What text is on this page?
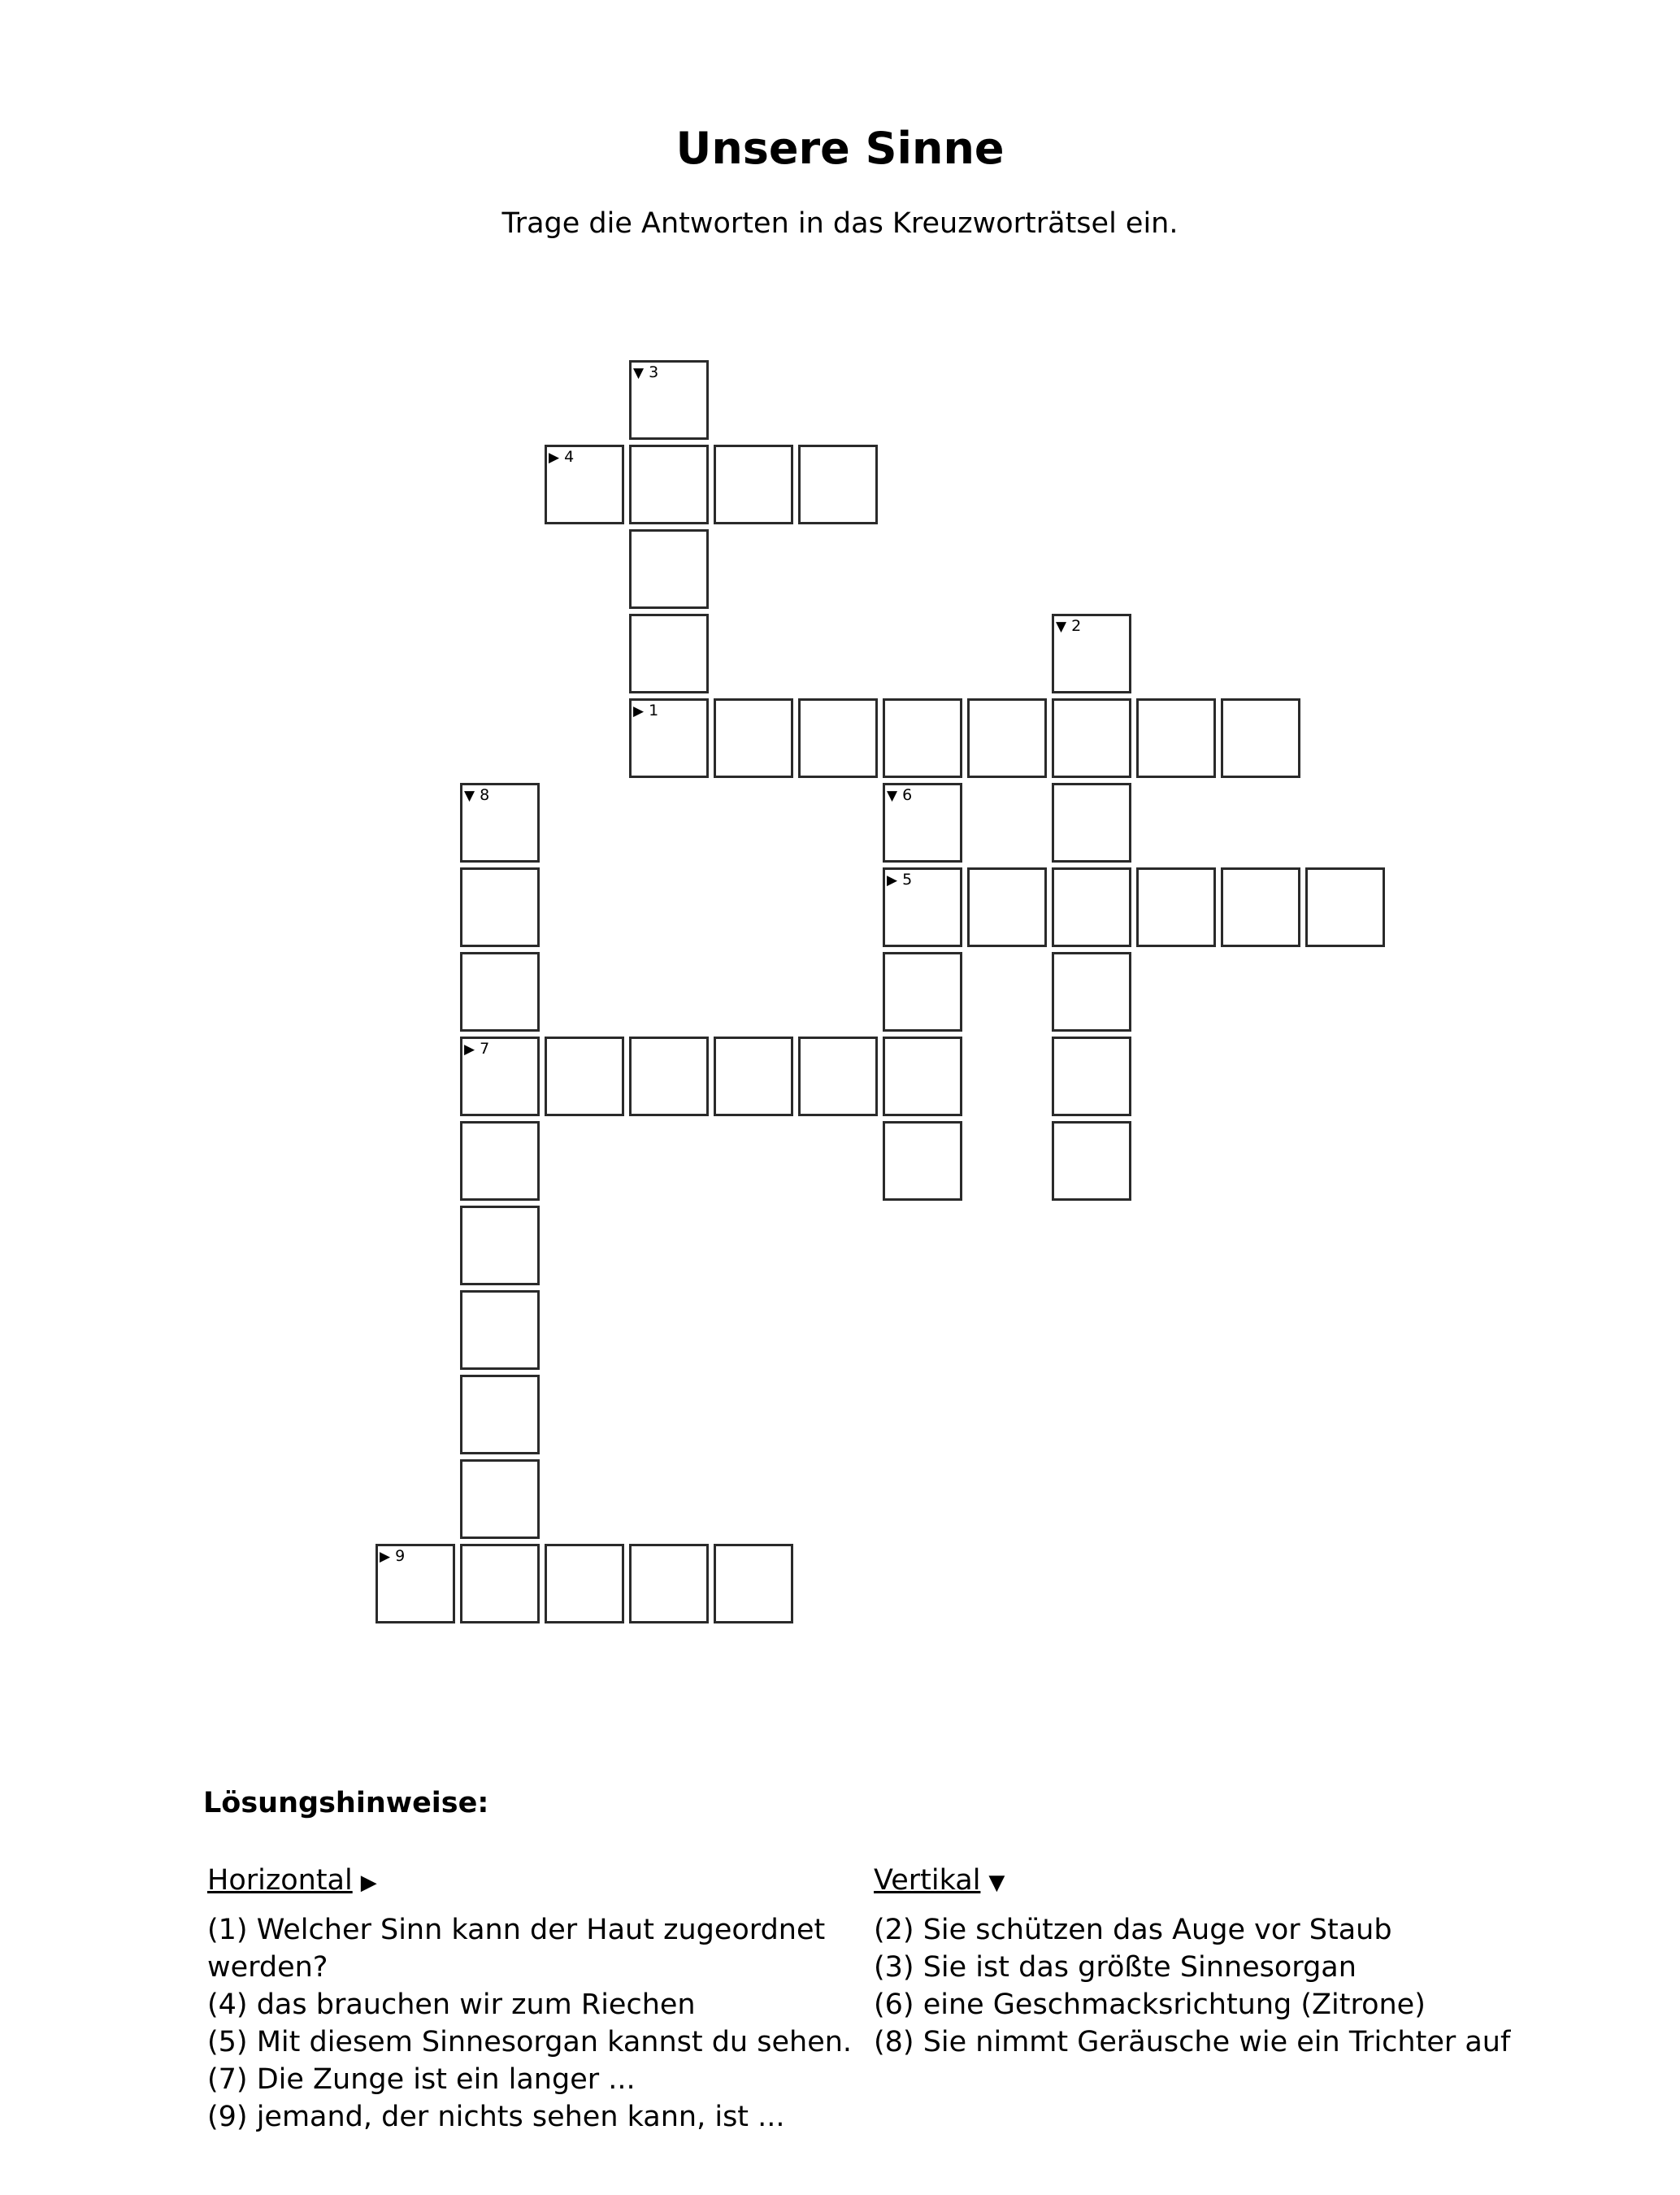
Unsere Sinne
Trage die Antworten in das Kreuzworträtsel ein.
▶ 1
▼ 2
▼ 3
▶ 4
▶ 5
▼ 6
▶ 7
▼ 8
▶ 9
Lösungshinweise:
Horizontal ▶
(1) Welcher Sinn kann der Haut zugeordnet werden?
(4) das brauchen wir zum Riechen
(5) Mit diesem Sinnesorgan kannst du sehen.
(7) Die Zunge ist ein langer ...
(9) jemand, der nichts sehen kann, ist ...
Vertikal ▼
(2) Sie schützen das Auge vor Staub
(3) Sie ist das größte Sinnesorgan
(6) eine Geschmacksrichtung (Zitrone)
(8) Sie nimmt Geräusche wie ein Trichter auf
